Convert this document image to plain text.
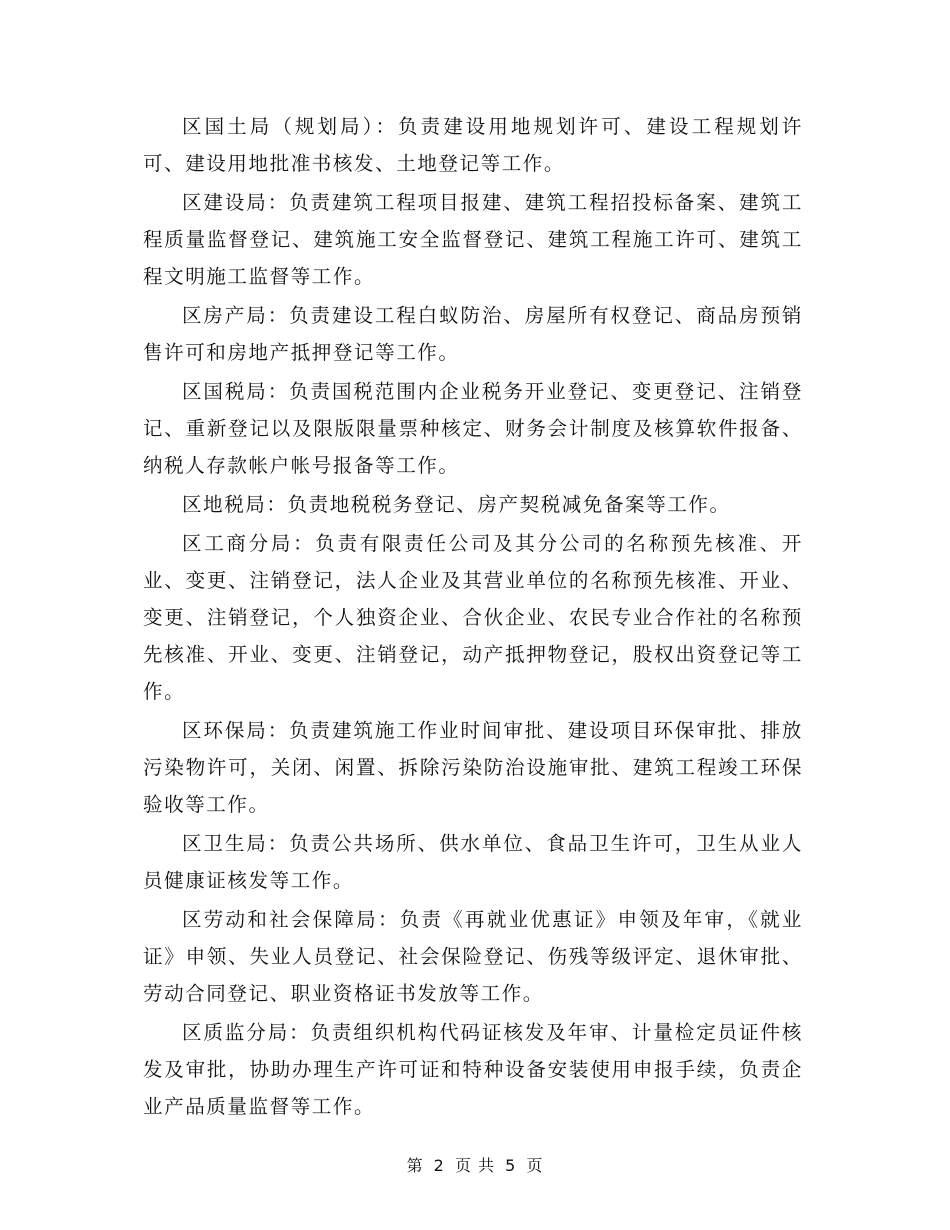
区国土局（规划局）：负责建设用地规划许可、建设工程规划许可、建设用地批准书核发、土地登记等工作。

区建设局：负责建筑工程项目报建、建筑工程招投标备案、建筑工程质量监督登记、建筑施工安全监督登记、建筑工程施工许可、建筑工程文明施工监督等工作。

区房产局：负责建设工程白蚁防治、房屋所有权登记、商品房预销售许可和房地产抵押登记等工作。

区国税局：负责国税范围内企业税务开业登记、变更登记、注销登记、重新登记以及限版限量票种核定、财务会计制度及核算软件报备、纳税人存款帐户帐号报备等工作。

区地税局：负责地税税务登记、房产契税减免备案等工作。

区工商分局：负责有限责任公司及其分公司的名称预先核准、开业、变更、注销登记，法人企业及其营业单位的名称预先核准、开业、变更、注销登记，个人独资企业、合伙企业、农民专业合作社的名称预先核准、开业、变更、注销登记，动产抵押物登记，股权出资登记等工作。

区环保局：负责建筑施工作业时间审批、建设项目环保审批、排放污染物许可，关闭、闲置、拆除污染防治设施审批、建筑工程竣工环保验收等工作。

区卫生局：负责公共场所、供水单位、食品卫生许可，卫生从业人员健康证核发等工作。

区劳动和社会保障局：负责《再就业优惠证》申领及年审，《就业证》申领、失业人员登记、社会保险登记、伤残等级评定、退休审批、劳动合同登记、职业资格证书发放等工作。

区质监分局：负责组织机构代码证核发及年审、计量检定员证件核发及审批，协助办理生产许可证和特种设备安装使用申报手续，负责企业产品质量监督等工作。

第 2 页 共 5 页
